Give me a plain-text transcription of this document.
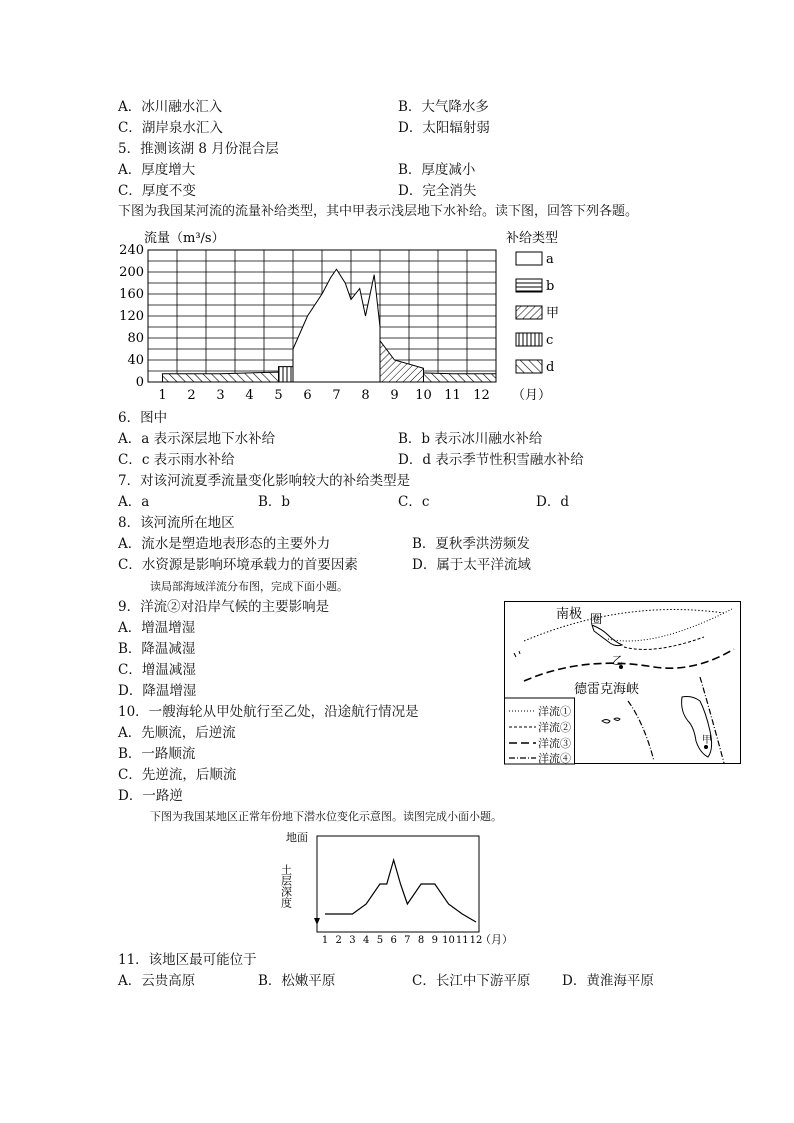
A．冰川融水汇入	B．大气降水多
C．湖岸泉水汇入	D．太阳辐射弱
5．推测该湖 8 月份混合层
A．厚度增大	B．厚度减小
C．厚度不变	D．完全消失
下图为我国某河流的流量补给类型，其中甲表示浅层地下水补给。读下图，回答下列各题。
流量（m³/s）
0
40
80
120
160
200
240
1 2 3 4 5 6 7 8 9 10 11 12 （月）
补给类型
a
b
甲
c
d
6．图中
A．a 表示深层地下水补给	B．b 表示冰川融水补给
C．c 表示雨水补给	D．d 表示季节性积雪融水补给
7．对该河流夏季流量变化影响较大的补给类型是
A．a	B．b	C．c	D．d
8．该河流所在地区
A．流水是塑造地表形态的主要外力	B．夏秋季洪涝频发
C．水资源是影响环境承载力的首要因素	D．属于太平洋流域
读局部海域洋流分布图，完成下面小题。
9．洋流②对沿岸气候的主要影响是
A．增温增湿
B．降温减湿
C．增温减湿
D．降温增湿
10．一艘海轮从甲处航行至乙处，沿途航行情况是
A．先顺流，后逆流
B．一路顺流
C．先逆流，后顺流
D．一路逆
南极 圈
乙
德雷克海峡
甲
洋流①
洋流②
洋流③
洋流④
下图为我国某地区正常年份地下潜水位变化示意图。读图完成小面小题。
地面
土层深度
1 2 3 4 5 6 7 8 9 10 11 12
（月）
11．该地区最可能位于
A．云贵高原	B．松嫩平原	C．长江中下游平原 D．黄淮海平原
